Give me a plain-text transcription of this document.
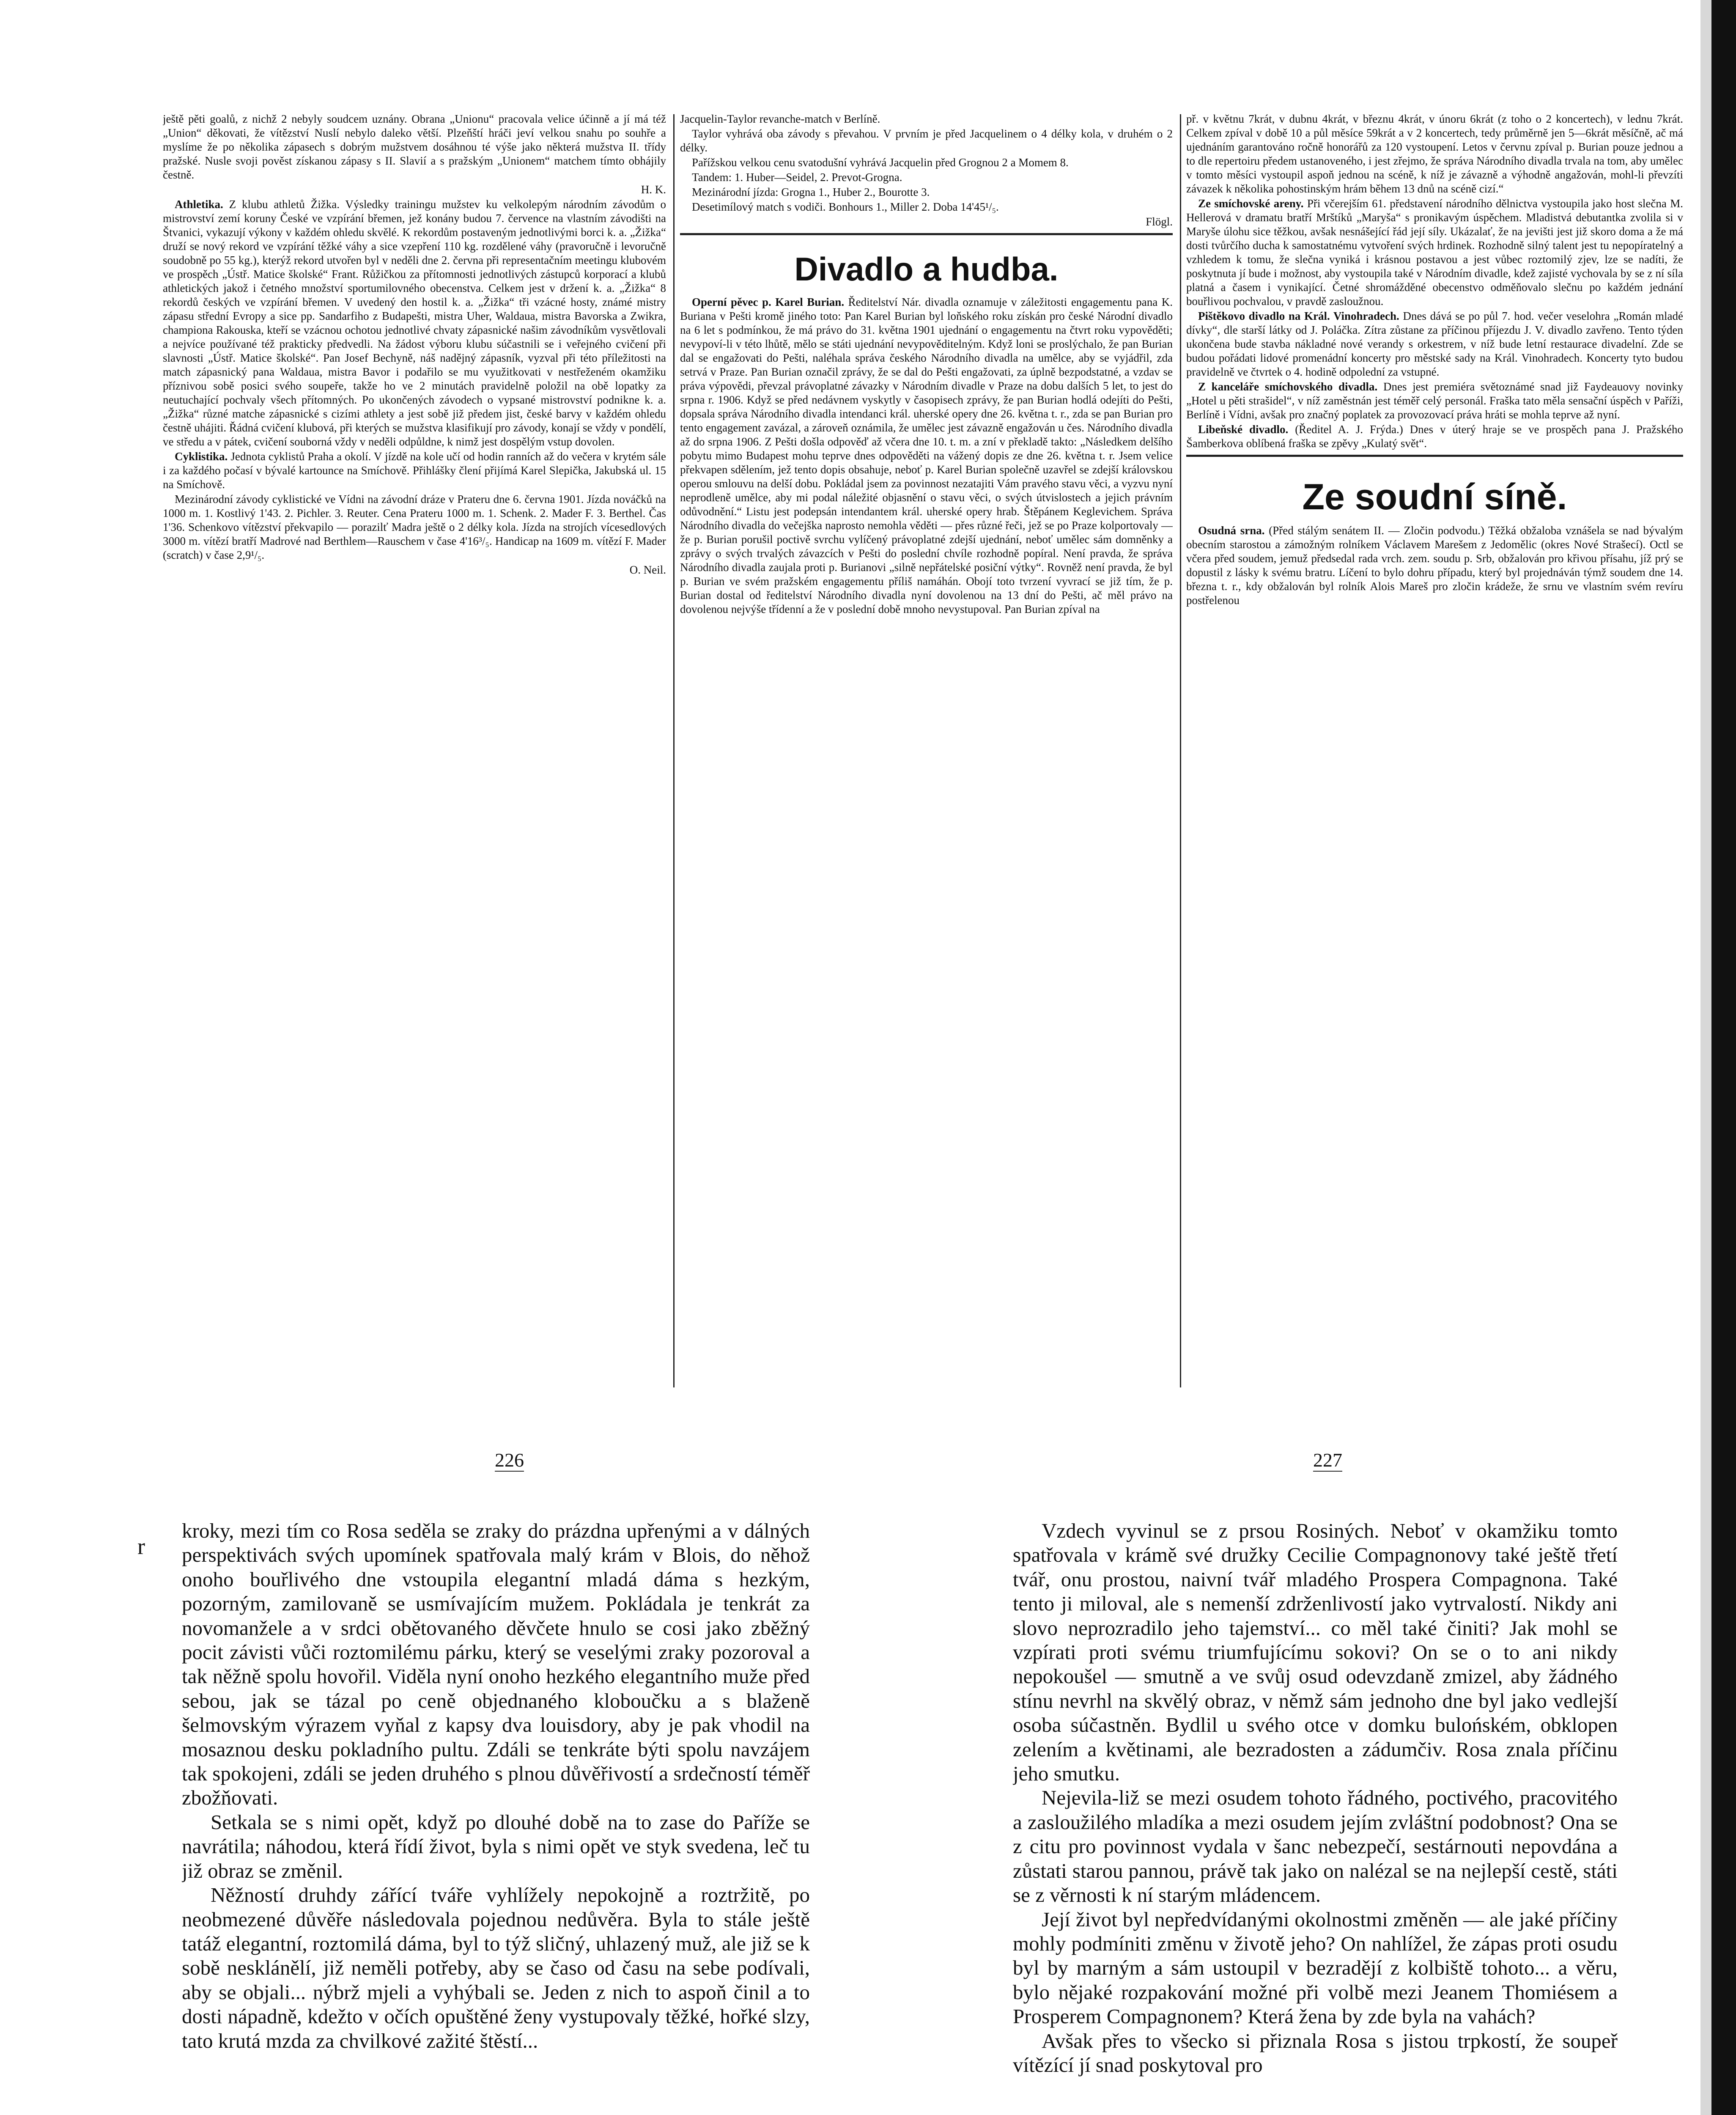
ještě pěti goalů, z nichž 2 nebyly soudcem uznány. Obrana „Unionu“ pracovala velice účinně a jí má též „Union“ děkovati, že vítězství Nuslí nebylo daleko větší. Plzeňští hráči jeví velkou snahu po souhře a myslíme že po několika zápasech s dobrým mužstvem dosáhnou té výše jako některá mužstva II. třídy pražské. Nusle svoji pověst získanou zápasy s II. Slavií a s pražským „Unionem“ matchem tímto obhájily čestně.

H. K.

Athletika. Z klubu athletů Žižka. Výsledky trainingu mužstev ku velkolepým národním závodům o mistrovství zemí koruny České ve vzpírání břemen, jež konány budou 7. července na vlastním závodišti na Štvanici, vykazují výkony v každém ohledu skvělé. K rekordům postaveným jednotlivými borci k. a. „Žižka“ druží se nový rekord ve vzpírání těžké váhy a sice vzepření 110 kg. rozdělené váhy (pravoručně i levoručně soudobně po 55 kg.), kterýž rekord utvořen byl v neděli dne 2. června při representačním meetingu klubovém ve prospěch „Ústř. Matice školské“ Frant. Růžičkou za přítomnosti jednotlivých zástupců korporací a klubů athletických jakož i četného množství sportumilovného obecenstva. Celkem jest v držení k. a. „Žižka“ 8 rekordů českých ve vzpírání břemen. V uvedený den hostil k. a. „Žižka“ tři vzácné hosty, známé mistry zápasu střední Evropy a sice pp. Sandarfiho z Budapešti, mistra Uher, Waldaua, mistra Bavorska a Zwikra, championa Rakouska, kteří se vzácnou ochotou jednotlivé chvaty zápasnické našim závodníkům vysvětlovali a nejvíce používané též prakticky předvedli. Na žádost výboru klubu súčastnili se i veřejného cvičení při slavnosti „Ústř. Matice školské“. Pan Josef Bechyně, náš nadějný zápasník, vyzval při této příležitosti na match zápasnický pana Waldaua, mistra Bavor i podařilo se mu využitkovati v nestřeženém okamžiku příznivou sobě posici svého soupeře, takže ho ve 2 minutách pravidelně položil na obě lopatky za neutuchající pochvaly všech přítomných. Po ukončených závodech o vypsané mistrovství podnikne k. a. „Žižka“ různé matche zápasnické s cizími athlety a jest sobě již předem jist, české barvy v každém ohledu čestně uhájiti. Řádná cvičení klubová, při kterých se mužstva klasifikují pro závody, konají se vždy v pondělí, ve středu a v pátek, cvičení souborná vždy v neděli odpůldne, k nimž jest dospělým vstup dovolen.

Cyklistika. Jednota cyklistů Praha a okolí. V jízdě na kole učí od hodin ranních až do večera v krytém sále i za každého počasí v bývalé kartounce na Smíchově. Přihlášky člení přijímá Karel Slepička, Jakubská ul. 15 na Smíchově.

Mezinárodní závody cyklistické ve Vídni na závodní dráze v Prateru dne 6. června 1901. Jízda nováčků na 1000 m. 1. Kostlivý 1'43. 2. Pichler. 3. Reuter. Cena Prateru 1000 m. 1. Schenk. 2. Mader F. 3. Berthel. Čas 1'36. Schenkovo vítězství překvapilo — porazilť Madra ještě o 2 délky kola. Jízda na strojích vícesedlových 3000 m. vítězí bratří Madrové nad Berthlem—Rauschem v čase 4'16³/₅. Handicap na 1609 m. vítězí F. Mader (scratch) v čase 2,9¹/₅.

O. Neil.

Jacquelin-Taylor revanche-match v Berlíně.

Taylor vyhrává oba závody s převahou. V prvním je před Jacquelinem o 4 délky kola, v druhém o 2 délky.

Pařížskou velkou cenu svatodušní vyhrává Jacquelin před Grognou 2 a Momem 8.

Tandem: 1. Huber—Seidel, 2. Prevot-Grogna.

Mezinárodní jízda: Grogna 1., Huber 2., Bourotte 3.

Desetimílový match s vodiči. Bonhours 1., Miller 2. Doba 14'45¹/₅.

Flögl.

Divadlo a hudba.

Operní pěvec p. Karel Burian. Ředitelství Nár. divadla oznamuje v záležitosti engagementu pana K. Buriana v Pešti kromě jiného toto: Pan Karel Burian byl loňského roku získán pro české Národní divadlo na 6 let s podmínkou, že má právo do 31. května 1901 ujednání o engagementu na čtvrt roku vypověděti; nevypoví-li v této lhůtě, mělo se státi ujednání nevypověditelným. Když loni se proslýchalo, že pan Burian dal se engažovati do Pešti, naléhala správa českého Národního divadla na umělce, aby se vyjádřil, zda setrvá v Praze. Pan Burian označil zprávy, že se dal do Pešti engažovati, za úplně bezpodstatné, a vzdav se práva výpovědi, převzal právoplatné závazky v Národním divadle v Praze na dobu dalších 5 let, to jest do srpna r. 1906. Když se před nedávnem vyskytly v časopisech zprávy, že pan Burian hodlá odejíti do Pešti, dopsala správa Národního divadla intendanci král. uherské opery dne 26. května t. r., zda se pan Burian pro tento engagement zavázal, a zároveň oznámila, že umělec jest závazně engažován u čes. Národního divadla až do srpna 1906. Z Pešti došla odpověď až včera dne 10. t. m. a zní v překladě takto: „Následkem delšího pobytu mimo Budapest mohu teprve dnes odpověděti na vážený dopis ze dne 26. května t. r. Jsem velice překvapen sdělením, jež tento dopis obsahuje, neboť p. Karel Burian společně uzavřel se zdejší královskou operou smlouvu na delší dobu. Pokládal jsem za povinnost nezatajiti Vám pravého stavu věci, a vyzvu nyní neprodleně umělce, aby mi podal náležité objasnění o stavu věci, o svých útvislostech a jejich právním odůvodnění.“ Listu jest podepsán intendantem král. uherské opery hrab. Štěpánem Keglevichem. Správa Národního divadla do večejška naprosto nemohla věděti — přes různé řeči, jež se po Praze kolportovaly — že p. Burian porušil poctivě svrchu vylíčený právoplatné zdejší ujednání, neboť umělec sám domněnky a zprávy o svých trvalých závazcích v Pešti do poslední chvíle rozhodně popíral. Není pravda, že správa Národního divadla zaujala proti p. Burianovi „silně nepřátelské posiční výtky“. Rovněž není pravda, že byl p. Burian ve svém pražském engagementu příliš namáhán. Obojí toto tvrzení vyvrací se již tím, že p. Burian dostal od ředitelství Národního divadla nyní dovolenou na 13 dní do Pešti, ač měl právo na dovolenou nejvýše třídenní a že v poslední době mnoho nevystupoval. Pan Burian zpíval na

př. v květnu 7krát, v dubnu 4krát, v březnu 4krát, v únoru 6krát (z toho o 2 koncertech), v lednu 7krát. Celkem zpíval v době 10 a půl měsíce 59krát a v 2 koncertech, tedy průměrně jen 5—6krát měsíčně, ač má ujednáním garantováno ročně honorářů za 120 vystoupení. Letos v červnu zpíval p. Burian pouze jednou a to dle repertoiru předem ustanoveného, i jest zřejmo, že správa Národního divadla trvala na tom, aby umělec v tomto měsíci vystoupil aspoň jednou na scéně, k níž je závazně a výhodně angažován, mohl-li převzíti závazek k několika pohostinským hrám během 13 dnů na scéně cizí.“

Ze smíchovské areny. Při včerejším 61. představení národního dělnictva vystoupila jako host slečna M. Hellerová v dramatu bratří Mrštíků „Maryša“ s pronikavým úspěchem. Mladistvá debutantka zvolila si v Maryše úlohu sice těžkou, avšak nesnášející řád její síly. Ukázalať, že na jevišti jest již skoro doma a že má dosti tvůrčího ducha k samostatnému vytvoření svých hrdinek. Rozhodně silný talent jest tu nepopíratelný a vzhledem k tomu, že slečna vyniká i krásnou postavou a jest vůbec roztomilý zjev, lze se nadíti, že poskytnuta jí bude i možnost, aby vystoupila také v Národním divadle, kdež zajisté vychovala by se z ní síla platná a časem i vynikající. Četné shromážděné obecenstvo odměňovalo slečnu po každém jednání bouřlivou pochvalou, v pravdě zasloužnou.

Pištěkovo divadlo na Král. Vinohradech. Dnes dává se po půl 7. hod. večer veselohra „Román mladé dívky“, dle starší látky od J. Poláčka. Zítra zůstane za příčinou příjezdu J. V. divadlo zavřeno. Tento týden ukončena bude stavba nákladné nové verandy s orkestrem, v níž bude letní restaurace divadelní. Zde se budou pořádati lidové promenádní koncerty pro městské sady na Král. Vinohradech. Koncerty tyto budou pravidelně ve čtvrtek o 4. hodině odpolední za vstupné.

Z kanceláře smíchovského divadla. Dnes jest premiéra světoznámé snad již Faydeauovy novinky „Hotel u pěti strašidel“, v níž zaměstnán jest téměř celý personál. Fraška tato měla sensační úspěch v Paříži, Berlíně i Vídni, avšak pro značný poplatek za provozovací práva hráti se mohla teprve až nyní.

Libeňské divadlo. (Ředitel A. J. Frýda.) Dnes v úterý hraje se ve prospěch pana J. Pražského Šamberkova oblíbená fraška se zpěvy „Kulatý svět“.

Ze soudní síně.

Osudná srna. (Před stálým senátem II. — Zločin podvodu.) Těžká obžaloba vznášela se nad bývalým obecním starostou a zámožným rolníkem Václavem Marešem z Jedomělic (okres Nové Strašecí). Octl se včera před soudem, jemuž předsedal rada vrch. zem. soudu p. Srb, obžalován pro křivou přísahu, jíž prý se dopustil z lásky k svému bratru. Líčení to bylo dohru případu, který byl projednáván týmž soudem dne 14. března t. r., kdy obžalován byl rolník Alois Mareš pro zločin krádeže, že srnu ve vlastním svém revíru postřelenou

226	227
r

kroky, mezi tím co Rosa seděla se zraky do prázdna upřenými a v dálných perspektivách svých upomínek spatřovala malý krám v Blois, do něhož onoho bouřlivého dne vstoupila elegantní mladá dáma s hezkým, pozorným, zamilovaně se usmívajícím mužem. Pokládala je tenkrát za novomanžele a v srdci obětovaného děvčete hnulo se cosi jako zběžný pocit závisti vůči roztomilému párku, který se veselými zraky pozoroval a tak něžně spolu hovořil. Viděla nyní onoho hezkého elegantního muže před sebou, jak se tázal po ceně objednaného kloboučku a s blaženě šelmovským výrazem vyňal z kapsy dva louisdory, aby je pak vhodil na mosaznou desku pokladního pultu. Zdáli se tenkráte býti spolu navzájem tak spokojeni, zdáli se jeden druhého s plnou důvěřivostí a srdečností téměř zbožňovati.

Setkala se s nimi opět, když po dlouhé době na to zase do Paříže se navrátila; náhodou, která řídí život, byla s nimi opět ve styk svedena, leč tu již obraz se změnil.

Něžností druhdy zářící tváře vyhlížely nepokojně a roztržitě, po neobmezené důvěře následovala pojednou nedůvěra. Byla to stále ještě tatáž elegantní, roztomilá dáma, byl to týž sličný, uhlazený muž, ale již se k sobě nesklánělí, již neměli potřeby, aby se časo od času na sebe podívali, aby se objali... nýbrž mjeli a vyhýbali se. Jeden z nich to aspoň činil a to dosti nápadně, kdežto v očích opuštěné ženy vystupovaly těžké, hořké slzy, tato krutá mzda za chvilkové zažité štěstí...

Vzdech vyvinul se z prsou Rosiných. Neboť v okamžiku tomto spatřovala v krámě své družky Cecilie Compagnonovy také ještě třetí tvář, onu prostou, naivní tvář mladého Prospera Compagnona. Také tento ji miloval, ale s nemenší zdrženlivostí jako vytrvalostí. Nikdy ani slovo neprozradilo jeho tajemství... co měl také činiti? Jak mohl se vzpírati proti svému triumfujícímu sokovi? On se o to ani nikdy nepokoušel — smutně a ve svůj osud odevzdaně zmizel, aby žádného stínu nevrhl na skvělý obraz, v němž sám jednoho dne byl jako vedlejší osoba súčastněn. Bydlil u svého otce v domku bulońském, obklopen zelením a květinami, ale bezradosten a zádumčiv. Rosa znala příčinu jeho smutku.

Nejevila-liž se mezi osudem tohoto řádného, poctivého, pracovitého a zasloužilého mladíka a mezi osudem jejím zvláštní podobnost? Ona se z citu pro povinnost vydala v šanc nebezpečí, sestárnouti nepovdána a zůstati starou pannou, právě tak jako on nalézal se na nejlepší cestě, státi se z věrnosti k ní starým mládencem.

Její život byl nepředvídanými okolnostmi změněn — ale jaké příčiny mohly podmíniti změnu v životě jeho? On nahlížel, že zápas proti osudu byl by marným a sám ustoupil v bezradějí z kolbiště tohoto... a věru, bylo nějaké rozpakování možné při volbě mezi Jeanem Thomiésem a Prosperem Compagnonem? Která žena by zde byla na vahách?

Avšak přes to všecko si přiznala Rosa s jistou trpkostí, že soupeř vítězící jí snad poskytoval pro
